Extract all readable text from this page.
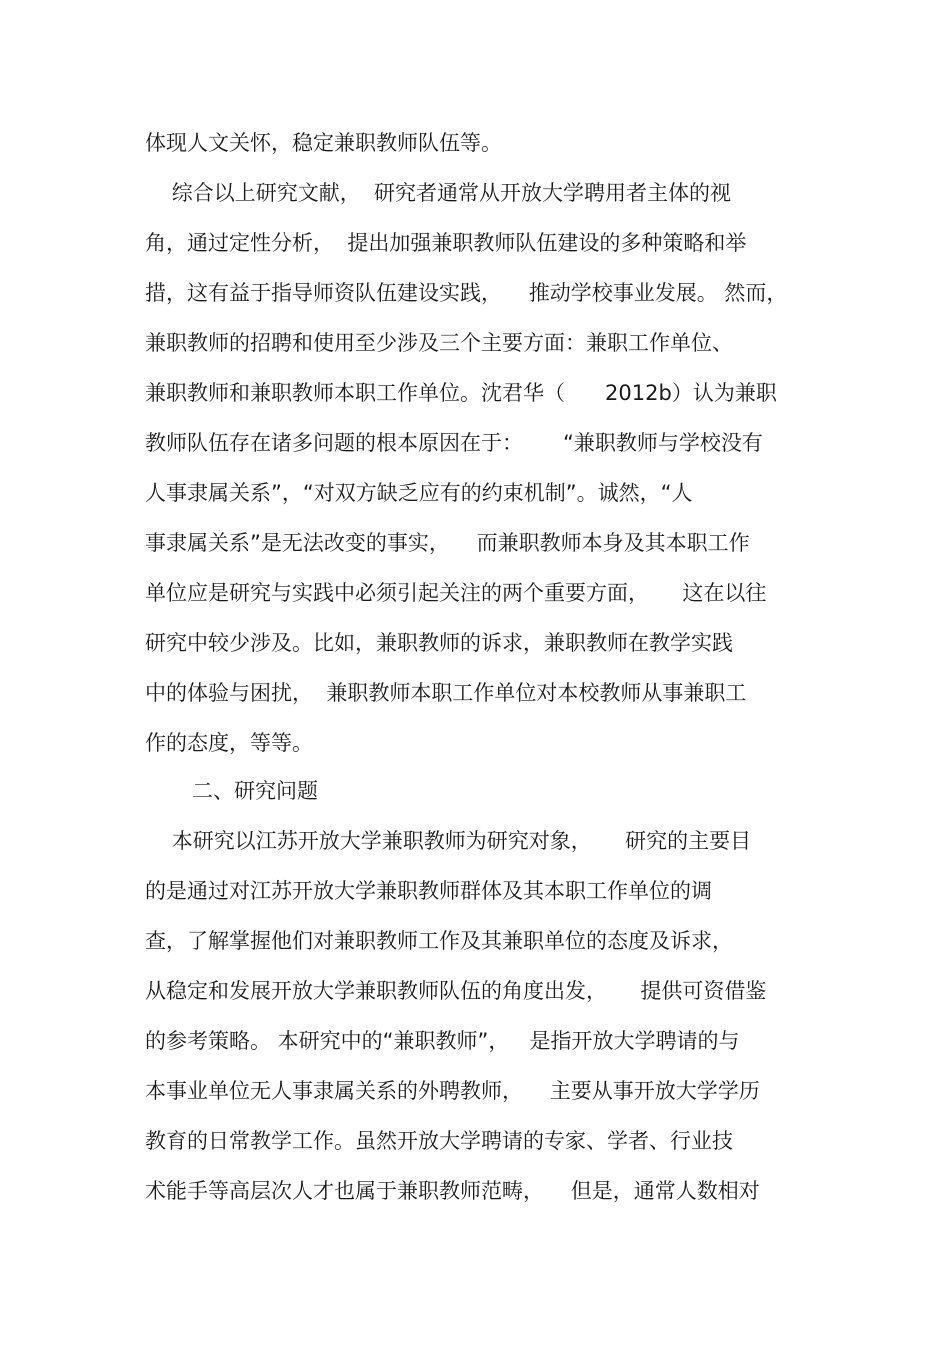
体现人文关怀，稳定兼职教师队伍等。
综合以上研究文献，  研究者通常从开放大学聘用者主体的视
角，通过定性分析，  提出加强兼职教师队伍建设的多种策略和举
措，这有益于指导师资队伍建设实践，    推动学校事业发展。 然而，
兼职教师的招聘和使用至少涉及三个主要方面：兼职工作单位、
兼职教师和兼职教师本职工作单位。沈君华（      2012b）认为兼职
教师队伍存在诸多问题的根本原因在于：      “兼职教师与学校没有
人事隶属关系”，“对双方缺乏应有的约束机制”。诚然，“人
事隶属关系”是无法改变的事实，    而兼职教师本身及其本职工作
单位应是研究与实践中必须引起关注的两个重要方面，     这在以往
研究中较少涉及。比如，兼职教师的诉求，兼职教师在教学实践
中的体验与困扰，  兼职教师本职工作单位对本校教师从事兼职工
作的态度，等等。
二、研究问题
本研究以江苏开放大学兼职教师为研究对象，     研究的主要目
的是通过对江苏开放大学兼职教师群体及其本职工作单位的调
查，了解掌握他们对兼职教师工作及其兼职单位的态度及诉求，
从稳定和发展开放大学兼职教师队伍的角度出发，     提供可资借鉴
的参考策略。 本研究中的“兼职教师”，   是指开放大学聘请的与
本事业单位无人事隶属关系的外聘教师，    主要从事开放大学学历
教育的日常教学工作。虽然开放大学聘请的专家、学者、行业技
术能手等高层次人才也属于兼职教师范畴，    但是，通常人数相对
